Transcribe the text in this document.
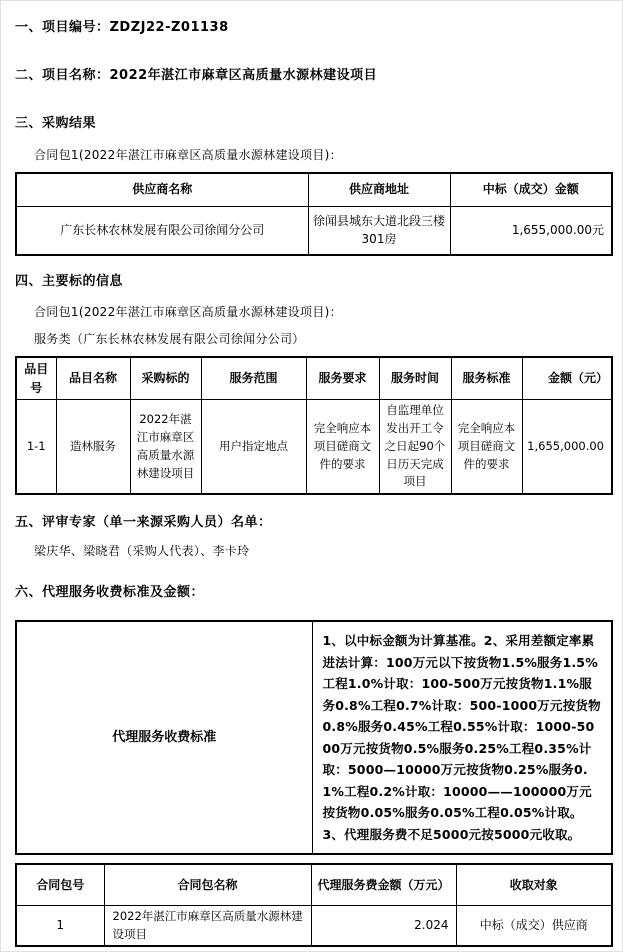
一、项目编号：ZDZJ22-Z01138
二、项目名称：2022年湛江市麻章区高质量水源林建设项目
三、采购结果
合同包1(2022年湛江市麻章区高质量水源林建设项目)：
供应商名称	供应商地址	中标（成交）金额
广东长林农林发展有限公司徐闻分公司	徐闻县城东大道北段三楼301房	1,655,000.00元
四、主要标的信息
合同包1(2022年湛江市麻章区高质量水源林建设项目)：
服务类（广东长林农林发展有限公司徐闻分公司）
品目号	品目名称	采购标的	服务范围	服务要求	服务时间	服务标准	金额（元）
1-1	造林服务	2022年湛江市麻章区高质量水源林建设项目	用户指定地点	完全响应本项目磋商文件的要求	自监理单位发出开工令之日起90个日历天完成项目	完全响应本项目磋商文件的要求	1,655,000.00
五、评审专家（单一来源采购人员）名单：
梁庆华、梁晓君（采购人代表）、李卡玲
六、代理服务收费标准及金额：
代理服务收费标准	1、以中标金额为计算基准。2、采用差额定率累进法计算：100万元以下按货物1.5%服务1.5%工程1.0%计取：100-500万元按货物1.1%服务0.8%工程0.7%计取：500-1000万元按货物0.8%服务0.45%工程0.55%计取：1000-5000万元按货物0.5%服务0.25%工程0.35%计取：5000—10000万元按货物0.25%服务0.1%工程0.2%计取：10000——100000万元按货物0.05%服务0.05%工程0.05%计取。3、代理服务费不足5000元按5000元收取。
合同包号	合同包名称	代理服务费金额（万元）	收取对象
1	2022年湛江市麻章区高质量水源林建设项目	2.024	中标（成交）供应商
